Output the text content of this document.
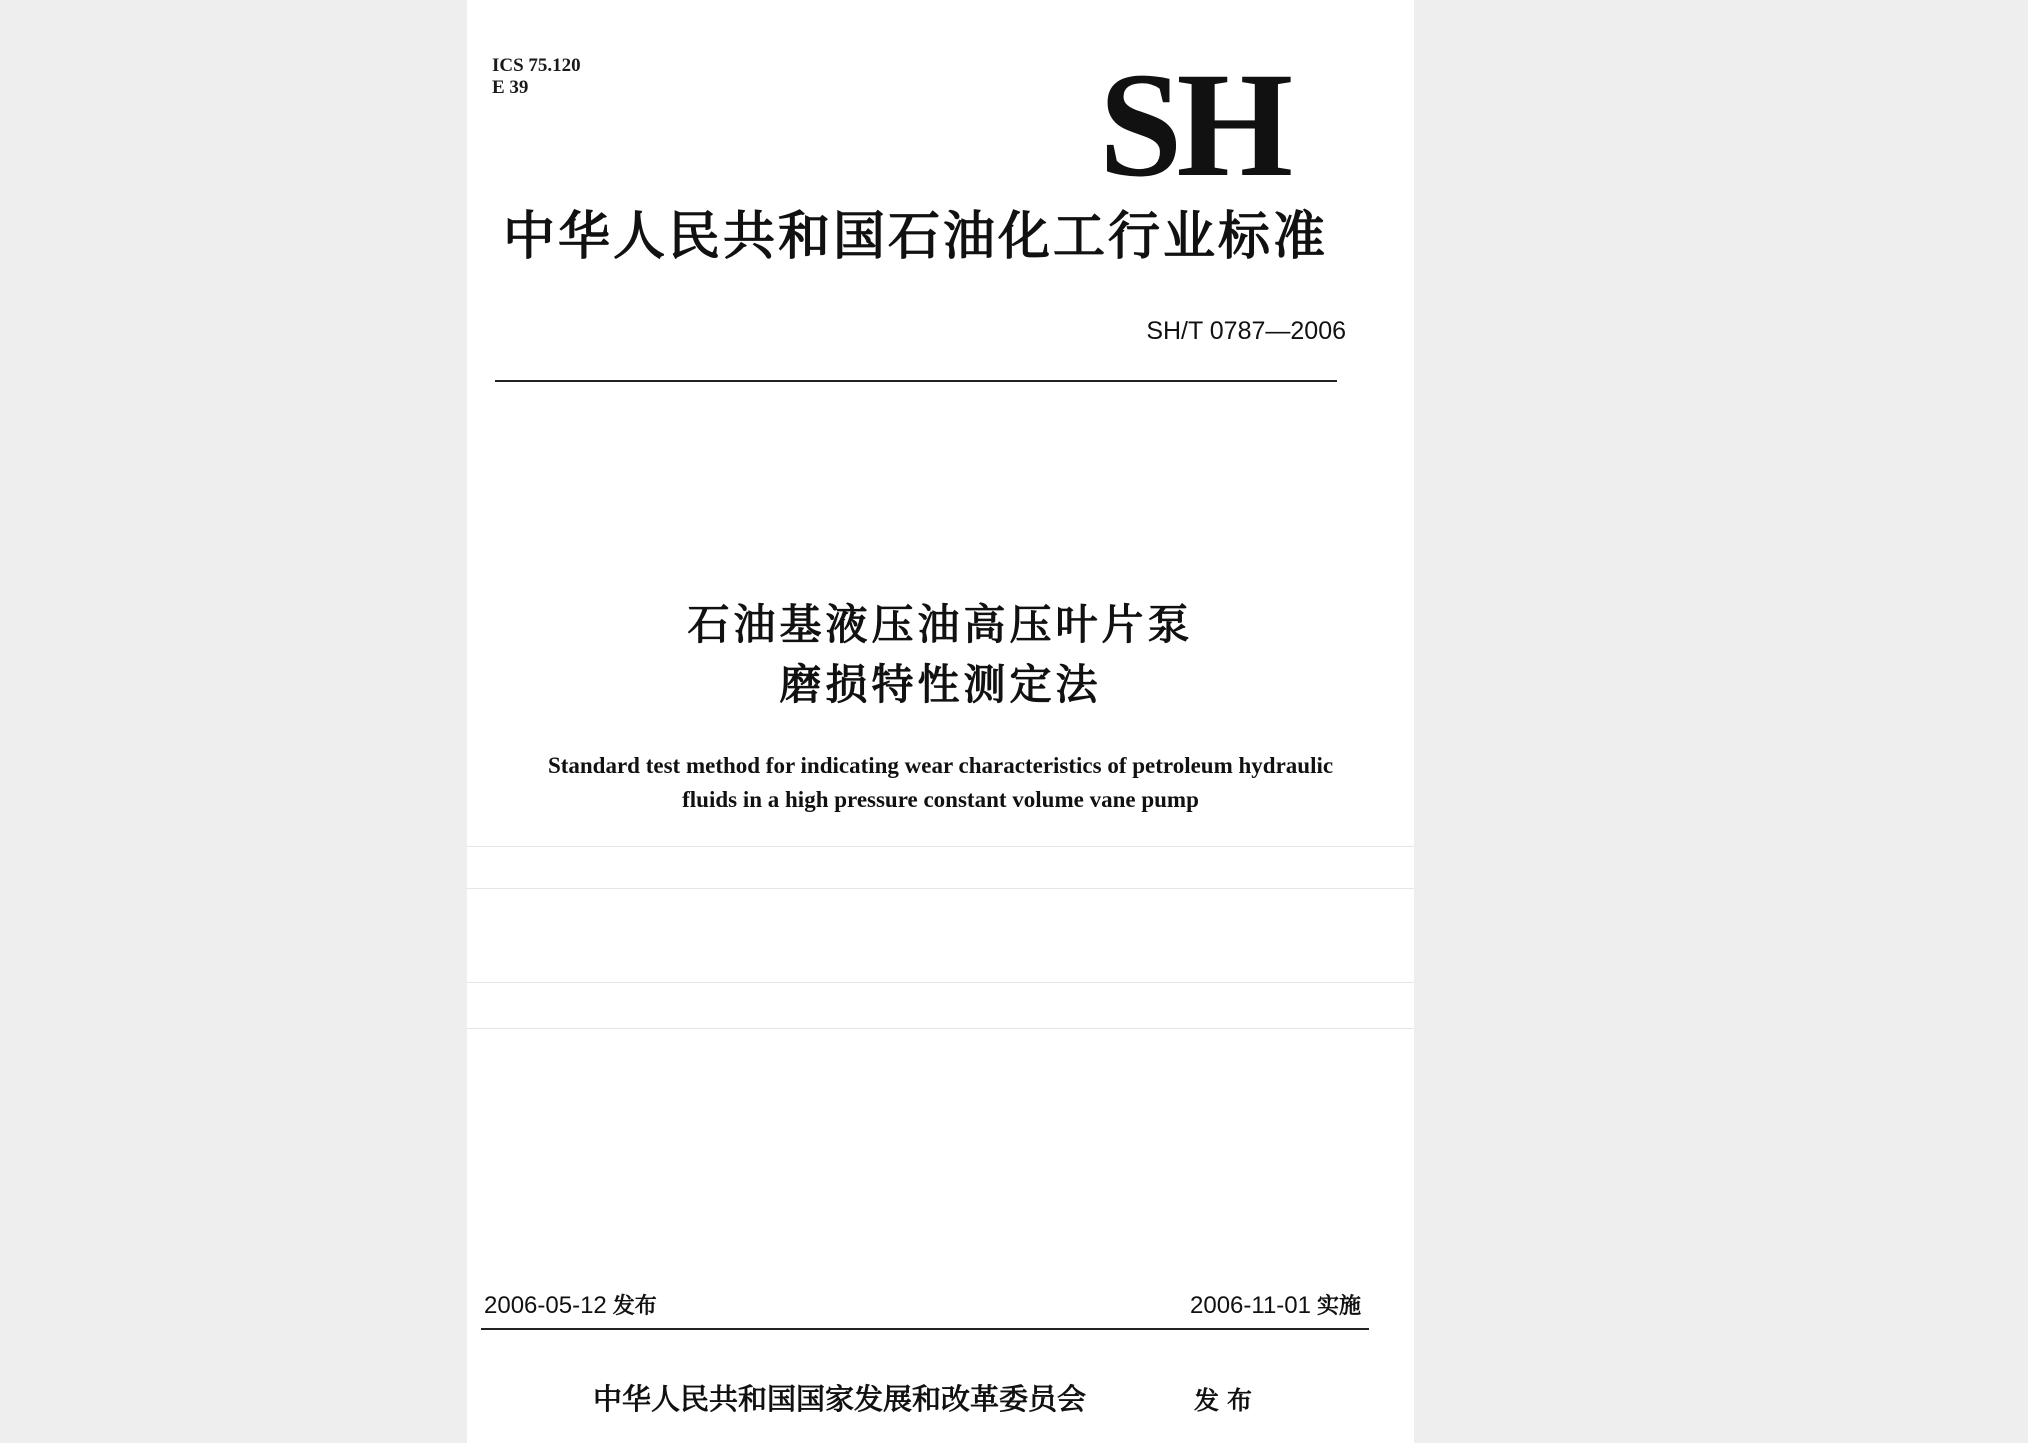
ICS 75.120
E 39	SH
中华人民共和国石油化工行业标准
SH/T 0787—2006
石油基液压油高压叶片泵
磨损特性测定法
Standard test method for indicating wear characteristics of petroleum hydraulic
fluids in a high pressure constant volume vane pump
2006-05-12 发布	2006-11-01 实施
中华人民共和国国家发展和改革委员会	发布
